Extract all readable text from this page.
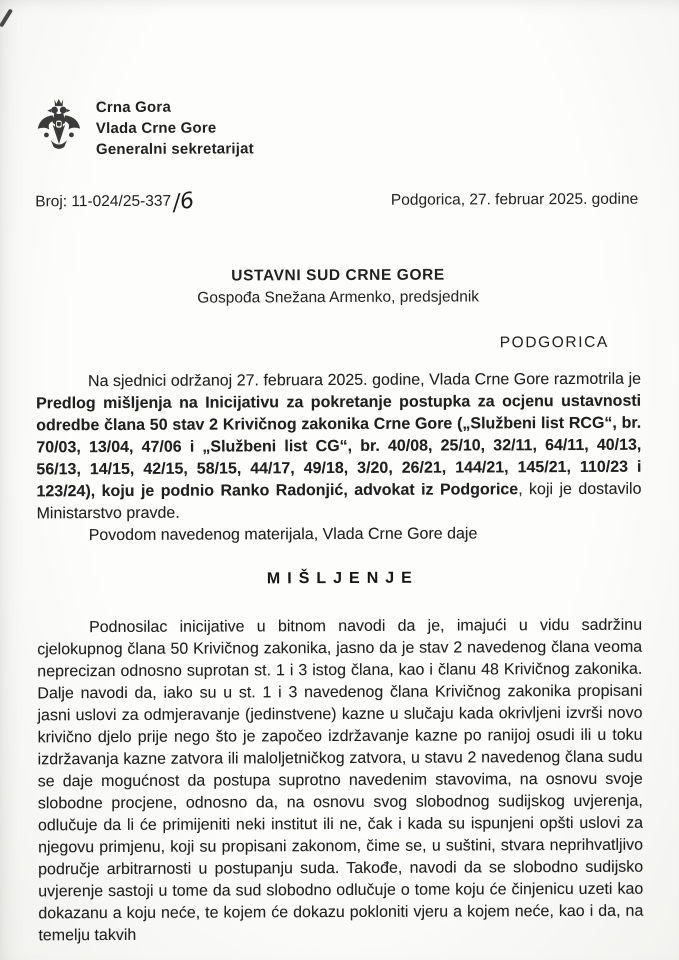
Crna Gora
Vlada Crne Gore
Generalni sekretarijat
Broj: 11-024/25-337/6	Podgorica, 27. februar 2025. godine
USTAVNI SUD CRNE GORE
Gospođa Snežana Armenko, predsjednik
PODGORICA

Na sjednici održanoj 27. februara 2025. godine, Vlada Crne Gore razmotrila je Predlog mišljenja na Inicijativu za pokretanje postupka za ocjenu ustavnosti odredbe člana 50 stav 2 Krivičnog zakonika Crne Gore („Službeni list RCG“, br. 70/03, 13/04, 47/06 i „Službeni list CG“, br. 40/08, 25/10, 32/11, 64/11, 40/13, 56/13, 14/15, 42/15, 58/15, 44/17, 49/18, 3/20, 26/21, 144/21, 145/21, 110/23 i 123/24), koju je podnio Ranko Radonjić, advokat iz Podgorice, koji je dostavilo Ministarstvo pravde.

Povodom navedenog materijala, Vlada Crne Gore daje

MIŠLJENJE

Podnosilac inicijative u bitnom navodi da je, imajući u vidu sadržinu cjelokupnog člana 50 Krivičnog zakonika, jasno da je stav 2 navedenog člana veoma neprecizan odnosno suprotan st. 1 i 3 istog člana, kao i članu 48 Krivičnog zakonika. Dalje navodi da, iako su u st. 1 i 3 navedenog člana Krivičnog zakonika propisani jasni uslovi za odmjeravanje (jedinstvene) kazne u slučaju kada okrivljeni izvrši novo krivično djelo prije nego što je započeo izdržavanje kazne po ranijoj osudi ili u toku izdržavanja kazne zatvora ili maloljetničkog zatvora, u stavu 2 navedenog člana sudu se daje mogućnost da postupa suprotno navedenim stavovima, na osnovu svoje slobodne procjene, odnosno da, na osnovu svog slobodnog sudijskog uvjerenja, odlučuje da li će primijeniti neki institut ili ne, čak i kada su ispunjeni opšti uslovi za njegovu primjenu, koji su propisani zakonom, čime se, u suštini, stvara neprihvatljivo područje arbitrarnosti u postupanju suda. Takođe, navodi da se slobodno sudijsko uvjerenje sastoji u tome da sud slobodno odlučuje o tome koju će činjenicu uzeti kao dokazanu a koju neće, te kojem će dokazu pokloniti vjeru a kojem neće, kao i da, na temelju takvih
